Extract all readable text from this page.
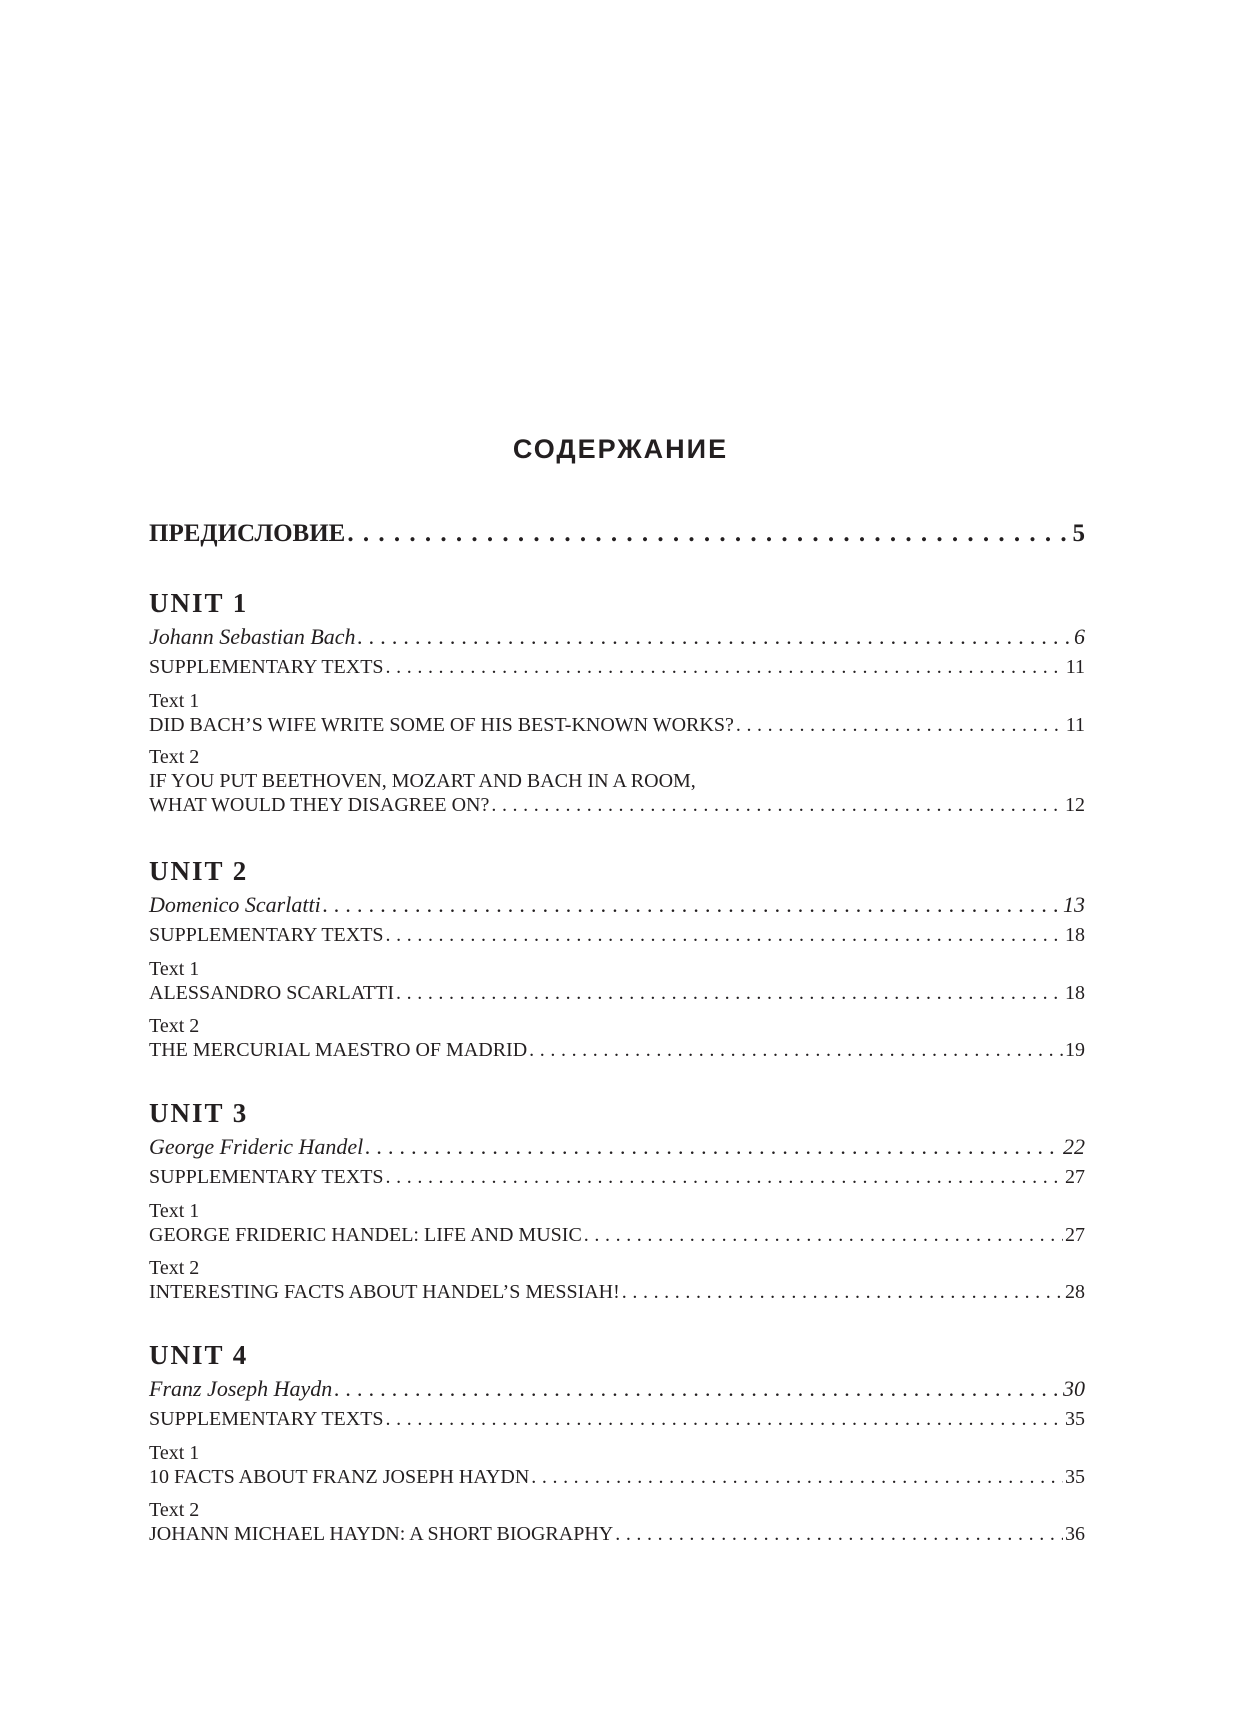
СОДЕРЖАНИЕ
ПРЕДИСЛОВИЕ . . .	5
UNIT 1
Johann Sebastian Bach . . .	6
SUPPLEMENTARY TEXTS . . .	11
Text 1
DID BACH’S WIFE WRITE SOME OF HIS BEST-KNOWN WORKS? . . .	11
Text 2
IF YOU PUT BEETHOVEN, MOZART AND BACH IN A ROOM,
WHAT WOULD THEY DISAGREE ON? . . .	12
UNIT 2
Domenico Scarlatti . . .	13
SUPPLEMENTARY TEXTS . . .	18
Text 1
ALESSANDRO SCARLATTI . . .	18
Text 2
THE MERCURIAL MAESTRO OF MADRID . . .	19
UNIT 3
George Frideric Handel . . .	22
SUPPLEMENTARY TEXTS . . .	27
Text 1
GEORGE FRIDERIC HANDEL: LIFE AND MUSIC . . .	27
Text 2
INTERESTING FACTS ABOUT HANDEL’S MESSIAH! . . .	28
UNIT 4
Franz Joseph Haydn . . .	30
SUPPLEMENTARY TEXTS . . .	35
Text 1
10 FACTS ABOUT FRANZ JOSEPH HAYDN . . .	35
Text 2
JOHANN MICHAEL HAYDN: A SHORT BIOGRAPHY . . .	36
